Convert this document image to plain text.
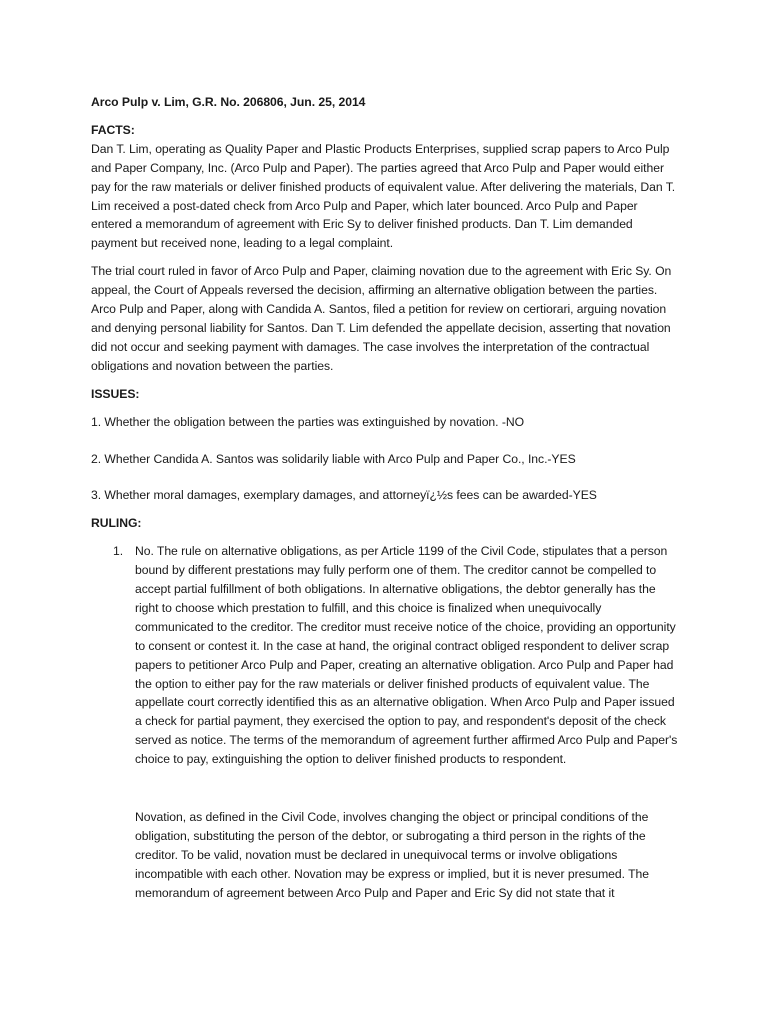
Arco Pulp v. Lim, G.R. No. 206806, Jun. 25, 2014
FACTS:

Dan T. Lim, operating as Quality Paper and Plastic Products Enterprises, supplied scrap papers to Arco Pulp and Paper Company, Inc. (Arco Pulp and Paper). The parties agreed that Arco Pulp and Paper would either pay for the raw materials or deliver finished products of equivalent value. After delivering the materials, Dan T. Lim received a post-dated check from Arco Pulp and Paper, which later bounced. Arco Pulp and Paper entered a memorandum of agreement with Eric Sy to deliver finished products. Dan T. Lim demanded payment but received none, leading to a legal complaint.

The trial court ruled in favor of Arco Pulp and Paper, claiming novation due to the agreement with Eric Sy. On appeal, the Court of Appeals reversed the decision, affirming an alternative obligation between the parties. Arco Pulp and Paper, along with Candida A. Santos, filed a petition for review on certiorari, arguing novation and denying personal liability for Santos. Dan T. Lim defended the appellate decision, asserting that novation did not occur and seeking payment with damages. The case involves the interpretation of the contractual obligations and novation between the parties.

ISSUES:
1. Whether the obligation between the parties was extinguished by novation. -NO
2. Whether Candida A. Santos was solidarily liable with Arco Pulp and Paper Co., Inc.-YES
3. Whether moral damages, exemplary damages, and attorneyï¿½s fees can be awarded-YES
RULING:
1. No. The rule on alternative obligations, as per Article 1199 of the Civil Code, stipulates that a person bound by different prestations may fully perform one of them. The creditor cannot be compelled to accept partial fulfillment of both obligations. In alternative obligations, the debtor generally has the right to choose which prestation to fulfill, and this choice is finalized when unequivocally communicated to the creditor. The creditor must receive notice of the choice, providing an opportunity to consent or contest it. In the case at hand, the original contract obliged respondent to deliver scrap papers to petitioner Arco Pulp and Paper, creating an alternative obligation. Arco Pulp and Paper had the option to either pay for the raw materials or deliver finished products of equivalent value. The appellate court correctly identified this as an alternative obligation. When Arco Pulp and Paper issued a check for partial payment, they exercised the option to pay, and respondent's deposit of the check served as notice. The terms of the memorandum of agreement further affirmed Arco Pulp and Paper's choice to pay, extinguishing the option to deliver finished products to respondent.

Novation, as defined in the Civil Code, involves changing the object or principal conditions of the obligation, substituting the person of the debtor, or subrogating a third person in the rights of the creditor. To be valid, novation must be declared in unequivocal terms or involve obligations incompatible with each other. Novation may be express or implied, but it is never presumed. The memorandum of agreement between Arco Pulp and Paper and Eric Sy did not state that it
